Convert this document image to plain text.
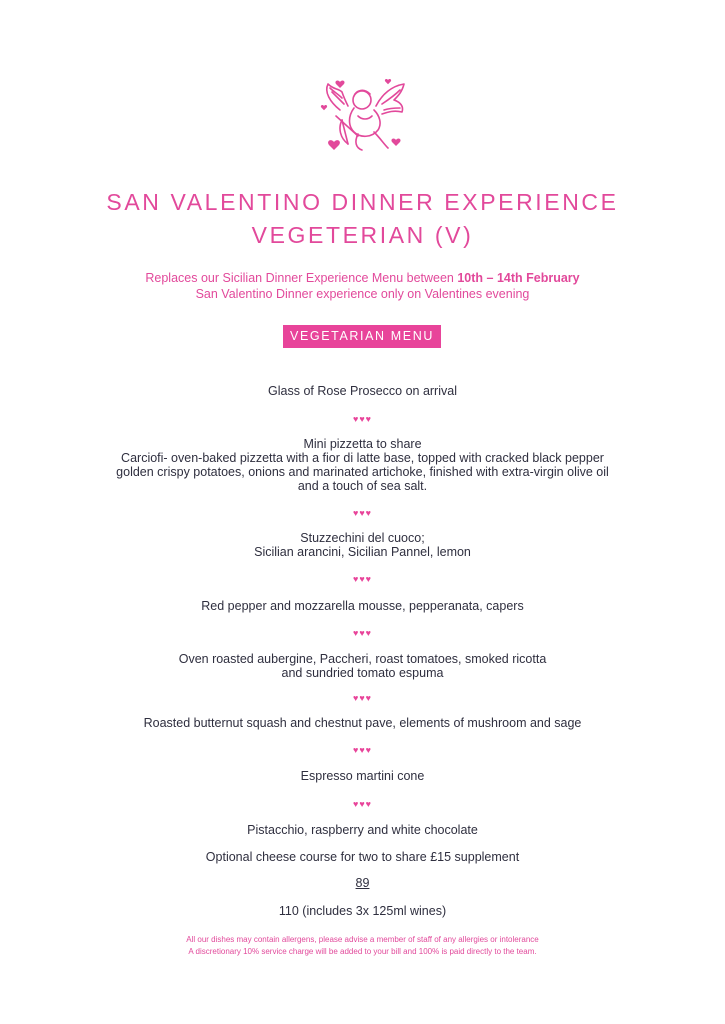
SAN VALENTINO DINNER EXPERIENCE
VEGETERIAN (V)
Replaces our Sicilian Dinner Experience Menu between 10th – 14th February
San Valentino Dinner experience only on Valentines evening
VEGETARIAN MENU
Glass of Rose Prosecco on arrival
♥♥♥
Mini pizzetta to share
Carciofi- oven-baked pizzetta with a fior di latte base, topped with cracked black pepper
golden crispy potatoes, onions and marinated artichoke, finished with extra-virgin olive oil
and a touch of sea salt.
♥♥♥
Stuzzechini del cuoco;
Sicilian arancini, Sicilian Pannel, lemon
♥♥♥
Red pepper and mozzarella mousse, pepperanata, capers
♥♥♥
Oven roasted aubergine, Paccheri, roast tomatoes, smoked ricotta
and sundried tomato espuma
♥♥♥
Roasted butternut squash and chestnut pave, elements of mushroom and sage
♥♥♥
Espresso martini cone
♥♥♥
Pistacchio, raspberry and white chocolate
Optional cheese course for two to share £15 supplement
89
110 (includes 3x 125ml wines)
All our dishes may contain allergens, please advise a member of staff of any allergies or intolerance
A discretionary 10% service charge will be added to your bill and 100% is paid directly to the team.
